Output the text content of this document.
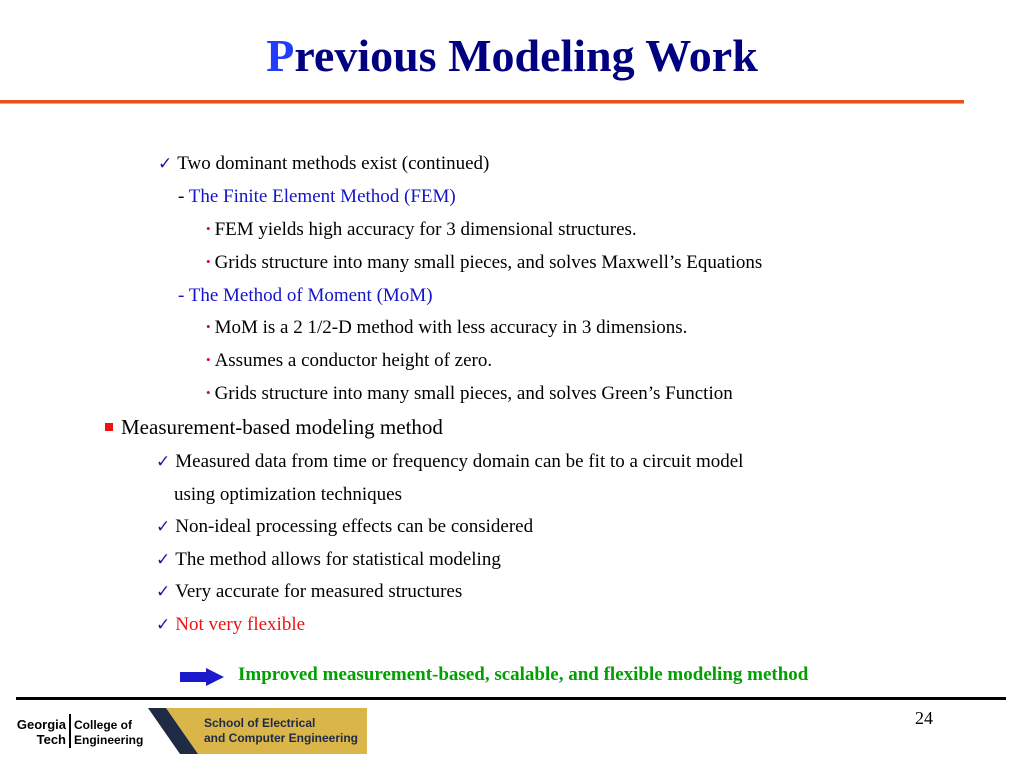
Previous Modeling Work
✓ Two dominant methods exist (continued)
- The Finite Element Method (FEM)
• FEM yields high accuracy for 3 dimensional structures.
• Grids structure into many small pieces, and solves Maxwell’s Equations
- The Method of Moment (MoM)
• MoM is a 2 1/2-D method with less accuracy in 3 dimensions.
• Assumes a conductor height of zero.
• Grids structure into many small pieces, and solves Green’s Function
Measurement-based modeling method
✓ Measured data from time or frequency domain can be fit to a circuit model
using optimization techniques
✓ Non-ideal processing effects can be considered
✓ The method allows for statistical modeling
✓ Very accurate for measured structures
✓ Not very flexible
Improved measurement-based, scalable, and flexible modeling method
Georgia
Tech
College of
Engineering
School of Electrical
and Computer Engineering
24
